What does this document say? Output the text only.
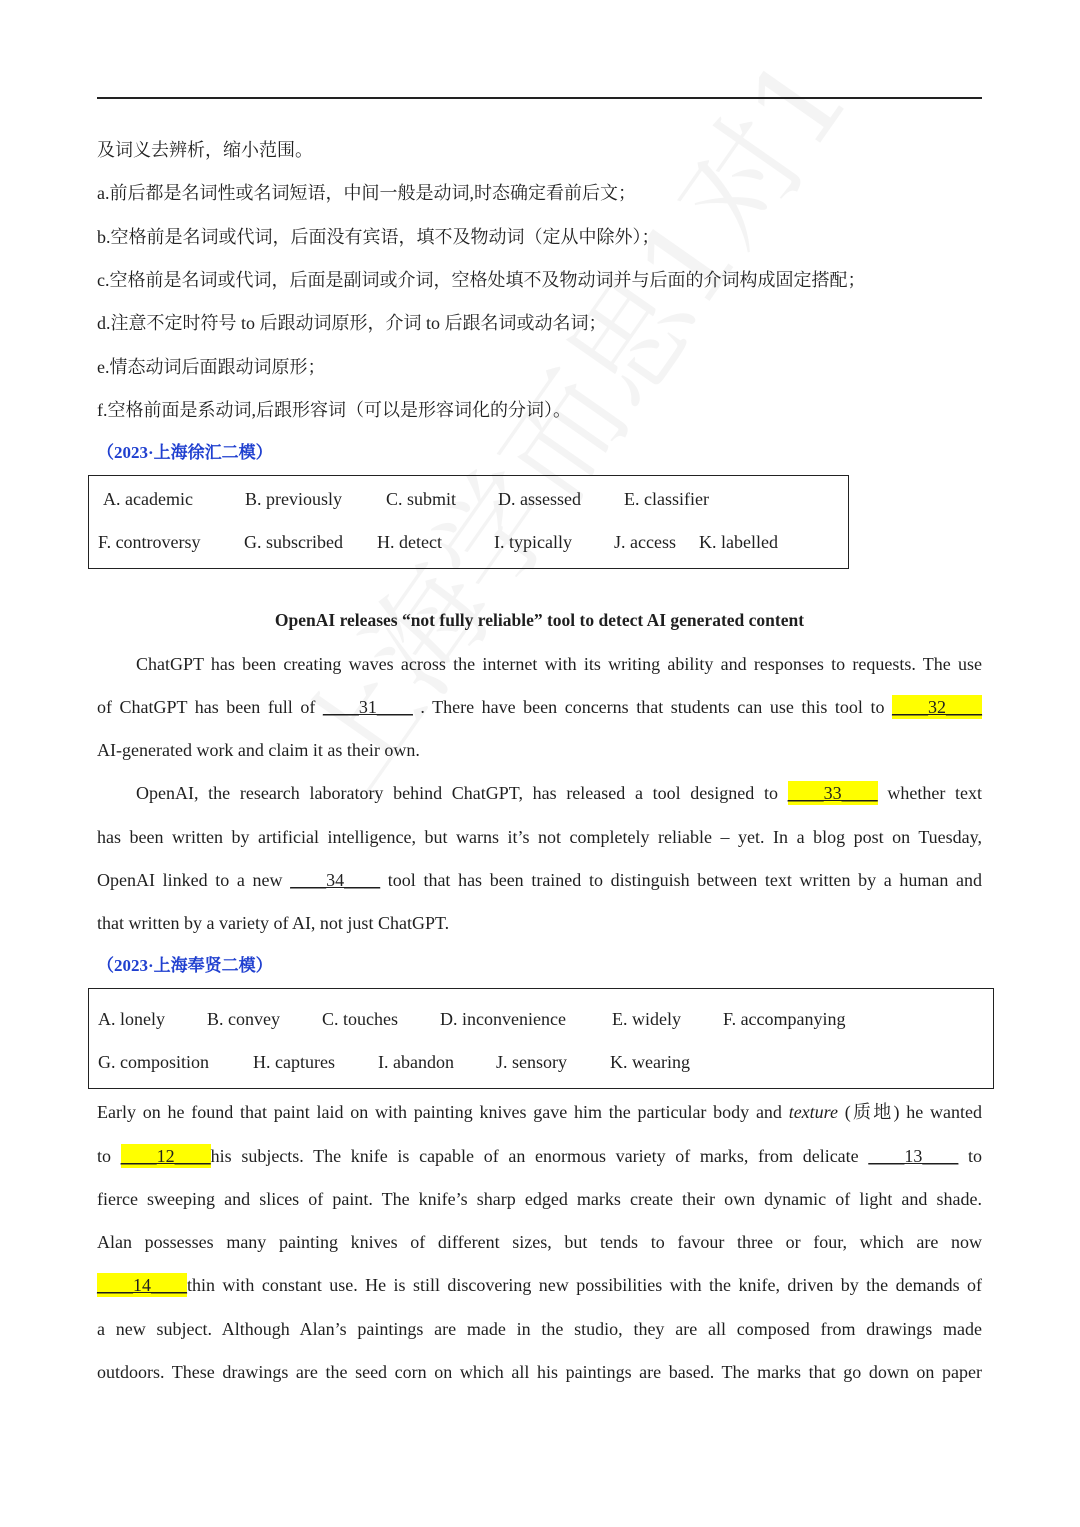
及词义去辨析，缩小范围。
a.前后都是名词性或名词短语，中间一般是动词,时态确定看前后文；
b.空格前是名词或代词，后面没有宾语，填不及物动词（定从中除外）；
c.空格前是名词或代词，后面是副词或介词，空格处填不及物动词并与后面的介词构成固定搭配；
d.注意不定时符号 to 后跟动词原形，介词 to 后跟名词或动名词；
e.情态动词后面跟动词原形；
f.空格前面是系动词,后跟形容词（可以是形容词化的分词）。
（2023·上海徐汇二模）
A. academic	B. previously C. submit D. assessed E. classifier
F. controversy G. subscribed H. detect	I. typically J. access K. labelled
OpenAI releases “not fully reliable” tool to detect AI generated content
ChatGPT has been creating waves across the internet with its writing ability and responses to requests. The use
of ChatGPT has been full of ____31____ . There have been concerns that students can use this tool to ____32____
AI-generated work and claim it as their own.
OpenAI, the research laboratory behind ChatGPT, has released a tool designed to ____33____ whether text
has been written by artificial intelligence, but warns it’s not completely reliable – yet. In a blog post on Tuesday,
OpenAI linked to a new ____34____ tool that has been trained to distinguish between text written by a human and
that written by a variety of AI, not just ChatGPT.
（2023·上海奉贤二模）
A. lonely B. convey C. touches D. inconvenience	E. widely F. accompanying
G. composition H. captures I. abandon J. sensory K. wearing
Early on he found that paint laid on with painting knives gave him the particular body and texture (质地) he wanted
to ____12____his subjects. The knife is capable of an enormous variety of marks, from delicate ____13____ to
fierce sweeping and slices of paint. The knife’s sharp edged marks create their own dynamic of light and shade.
Alan possesses many painting knives of different sizes, but tends to favour three or four, which are now
____14____thin with constant use. He is still discovering new possibilities with the knife, driven by the demands of
a new subject. Although Alan’s paintings are made in the studio, they are all composed from drawings made
outdoors. These drawings are the seed corn on which all his paintings are based. The marks that go down on paper
